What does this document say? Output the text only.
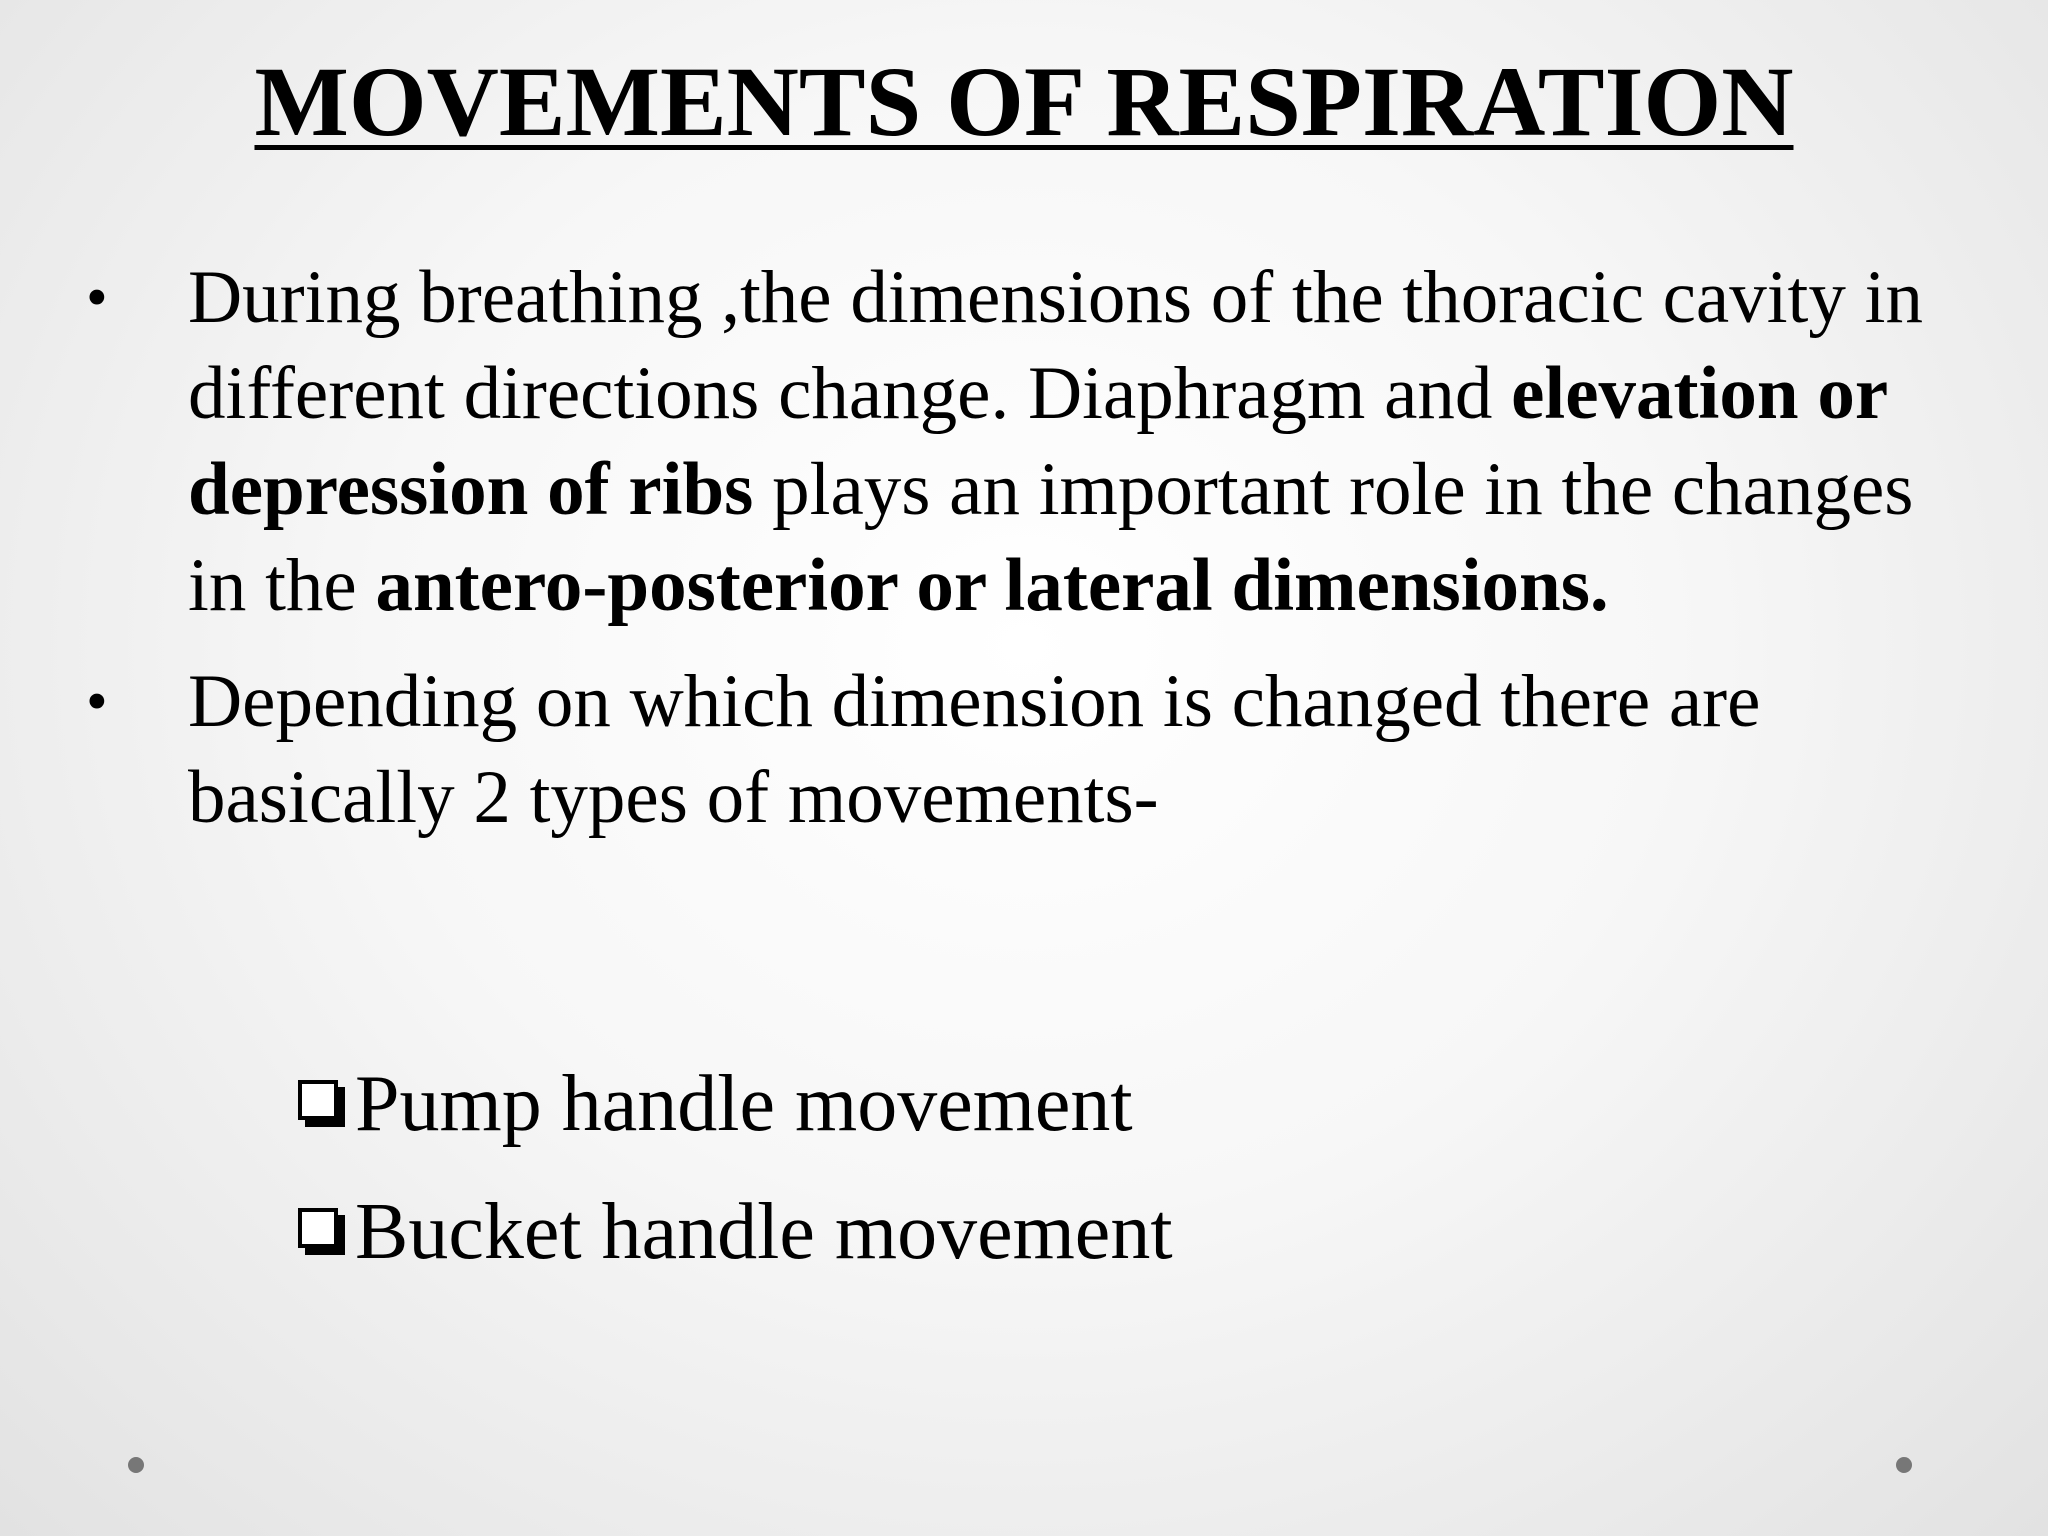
MOVEMENTS OF RESPIRATION
• During breathing ,the dimensions of the thoracic cavity in different directions change. Diaphragm and elevation or depression of ribs plays an important role in the changes in the antero-posterior or lateral dimensions.
• Depending on which dimension is changed there are basically 2 types of movements-
Pump handle movement
Bucket handle movement
